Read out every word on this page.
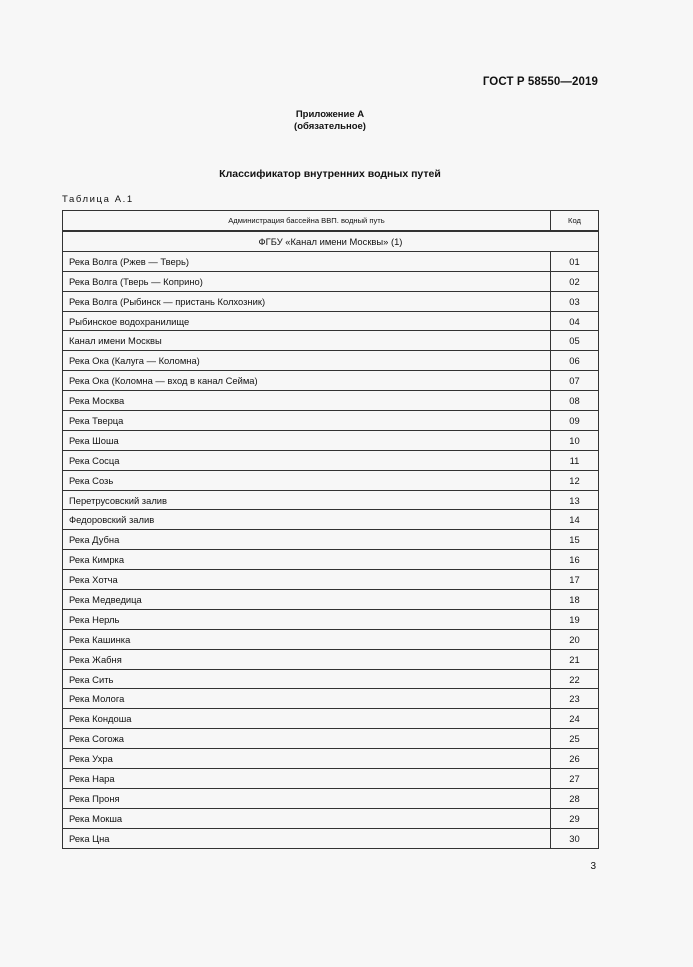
ГОСТ Р 58550—2019
Приложение А
(обязательное)
Классификатор внутренних водных путей
Таблица А.1
Администрация бассейна ВВП. водный путь	Код
ФГБУ «Канал имени Москвы» (1)	
Река Волга (Ржев — Тверь)	01
Река Волга (Тверь — Коприно)	02
Река Волга (Рыбинск — пристань Колхозник)	03
Рыбинское водохранилище	04
Канал имени Москвы	05
Река Ока (Калуга — Коломна)	06
Река Ока (Коломна — вход в канал Сейма)	07
Река Москва	08
Река Тверца	09
Река Шоша	10
Река Сосца	11
Река Созь	12
Перетрусовский залив	13
Федоровский залив	14
Река Дубна	15
Река Кимрка	16
Река Хотча	17
Река Медведица	18
Река Нерль	19
Река Кашинка	20
Река Жабня	21
Река Сить	22
Река Молога	23
Река Кондоша	24
Река Согожа	25
Река Ухра	26
Река Нара	27
Река Проня	28
Река Мокша	29
Река Цна	30
3
